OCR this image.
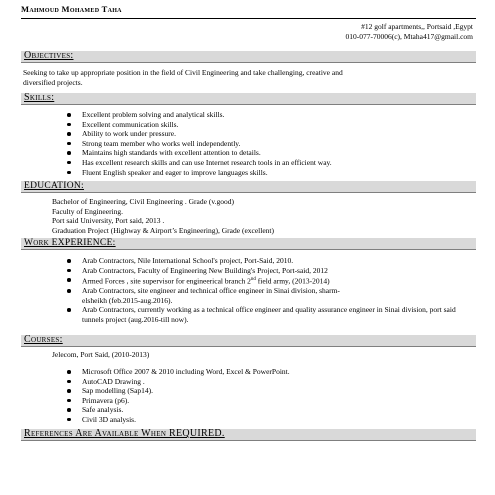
Mahmoud Mohamed Taha
#12 golf apartments,, Portsaid ,Egypt
010-077-70006(c), Mtaha417@gmail.com
Objectives:
Seeking to take up appropriate position in the field of Civil Engineering and take challenging, creative and
diversified projects.
Skills:
Excellent problem solving and analytical skills.
Excellent communication skills.
Ability to work under pressure.
Strong team member who works well independently.
Maintains high standards with excellent attention to details.
Has excellent research skills and can use Internet research tools in an efficient way.
Fluent English speaker and eager to improve languages skills.
EDUCATION:
Bachelor of Engineering, Civil Engineering . Grade (v.good)
Faculty of Engineering.
Port said University, Port said, 2013 .
Graduation Project (Highway & Airport’s Engineering), Grade (excellent)
Work EXPERIENCE:
Arab Contractors, Nile International School's project, Port-Said, 2010.
Arab Contractors, Faculty of Engineering New Building's Project, Port-said, 2012
Armed Forces , site supervisor for engineerical branch 2nd field army, (2013-2014)
Arab Contractors, site engineer and technical office engineer in Sinai division, sharm-elsheikh (feb.2015-aug.2016).
Arab Contractors, currently working as a technical office engineer and quality assurance engineer in Sinai division, port said tunnels project (aug.2016-till now).
Courses:
Jelecom, Port Said, (2010-2013)
Microsoft Office 2007 & 2010 including Word, Excel & PowerPoint.
AutoCAD Drawing .
Sap modelling (Sap14).
Primavera (p6).
Safe analysis.
Civil 3D analysis.
References Are Available When REQUIRED.
